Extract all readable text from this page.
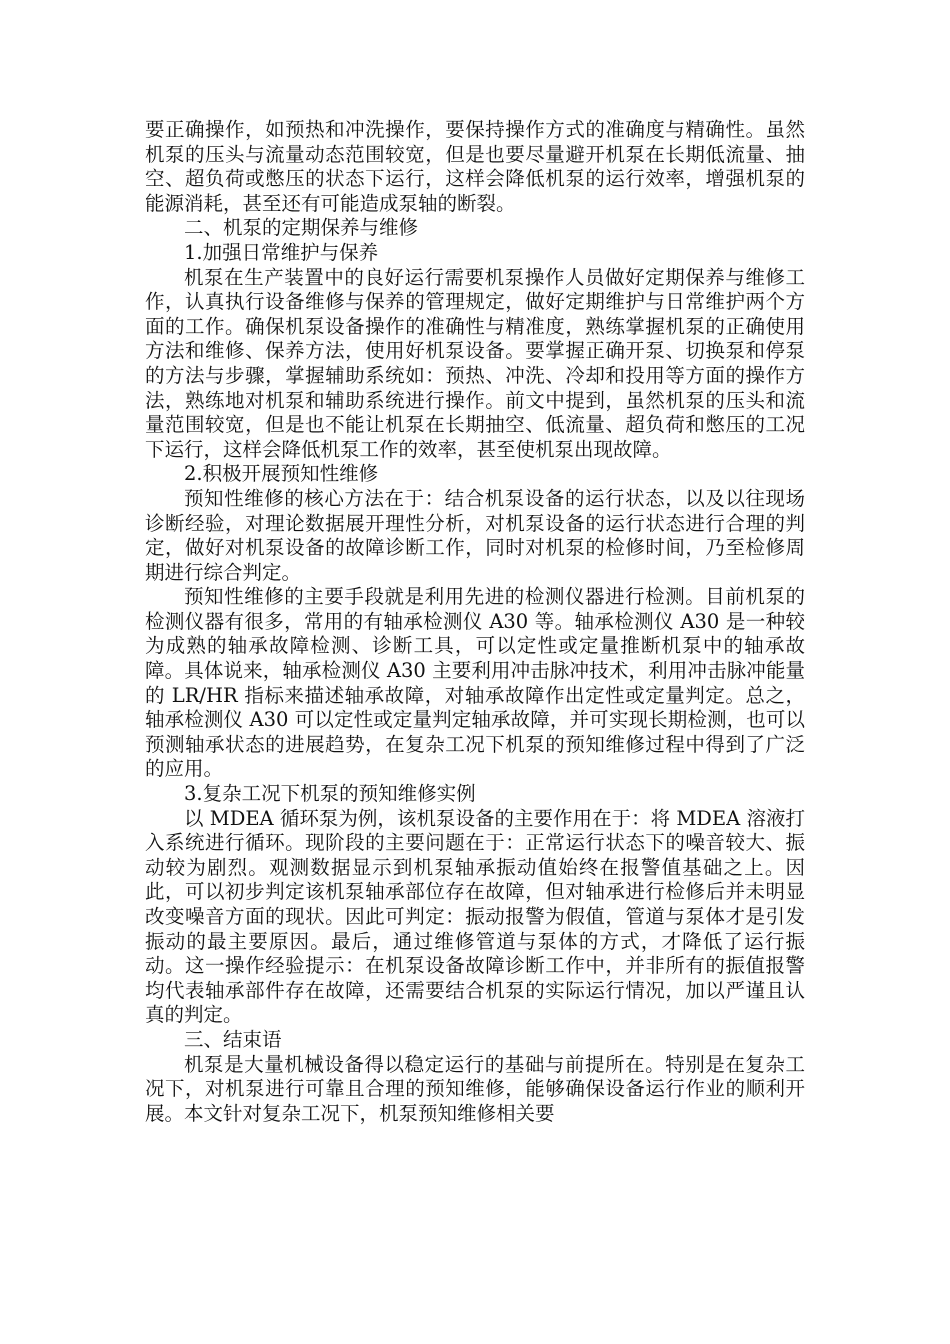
要正确操作，如预热和冲洗操作，要保持操作方式的准确度与精确性。虽然机泵的压头与流量动态范围较宽，但是也要尽量避开机泵在长期低流量、抽空、超负荷或憋压的状态下运行，这样会降低机泵的运行效率，增强机泵的能源消耗，甚至还有可能造成泵轴的断裂。

二、机泵的定期保养与维修

1.加强日常维护与保养

机泵在生产装置中的良好运行需要机泵操作人员做好定期保养与维修工作，认真执行设备维修与保养的管理规定，做好定期维护与日常维护两个方面的工作。确保机泵设备操作的准确性与精准度，熟练掌握机泵的正确使用方法和维修、保养方法，使用好机泵设备。要掌握正确开泵、切换泵和停泵的方法与步骤，掌握辅助系统如：预热、冲洗、冷却和投用等方面的操作方法，熟练地对机泵和辅助系统进行操作。前文中提到，虽然机泵的压头和流量范围较宽，但是也不能让机泵在长期抽空、低流量、超负荷和憋压的工况下运行，这样会降低机泵工作的效率，甚至使机泵出现故障。

2.积极开展预知性维修

预知性维修的核心方法在于：结合机泵设备的运行状态，以及以往现场诊断经验，对理论数据展开理性分析，对机泵设备的运行状态进行合理的判定，做好对机泵设备的故障诊断工作，同时对机泵的检修时间，乃至检修周期进行综合判定。

预知性维修的主要手段就是利用先进的检测仪器进行检测。目前机泵的检测仪器有很多，常用的有轴承检测仪 A30 等。轴承检测仪 A30 是一种较为成熟的轴承故障检测、诊断工具，可以定性或定量推断机泵中的轴承故障。具体说来，轴承检测仪 A30 主要利用冲击脉冲技术，利用冲击脉冲能量的 LR/HR 指标来描述轴承故障，对轴承故障作出定性或定量判定。总之，轴承检测仪 A30 可以定性或定量判定轴承故障，并可实现长期检测，也可以预测轴承状态的进展趋势，在复杂工况下机泵的预知维修过程中得到了广泛的应用。

3.复杂工况下机泵的预知维修实例

以 MDEA 循环泵为例，该机泵设备的主要作用在于：将 MDEA 溶液打入系统进行循环。现阶段的主要问题在于：正常运行状态下的噪音较大、振动较为剧烈。观测数据显示到机泵轴承振动值始终在报警值基础之上。因此，可以初步判定该机泵轴承部位存在故障，但对轴承进行检修后并未明显改变噪音方面的现状。因此可判定：振动报警为假值，管道与泵体才是引发振动的最主要原因。最后，通过维修管道与泵体的方式，才降低了运行振动。这一操作经验提示：在机泵设备故障诊断工作中，并非所有的振值报警均代表轴承部件存在故障，还需要结合机泵的实际运行情况，加以严谨且认真的判定。

三、结束语

机泵是大量机械设备得以稳定运行的基础与前提所在。特别是在复杂工况下，对机泵进行可靠且合理的预知维修，能够确保设备运行作业的顺利开展。本文针对复杂工况下，机泵预知维修相关要
